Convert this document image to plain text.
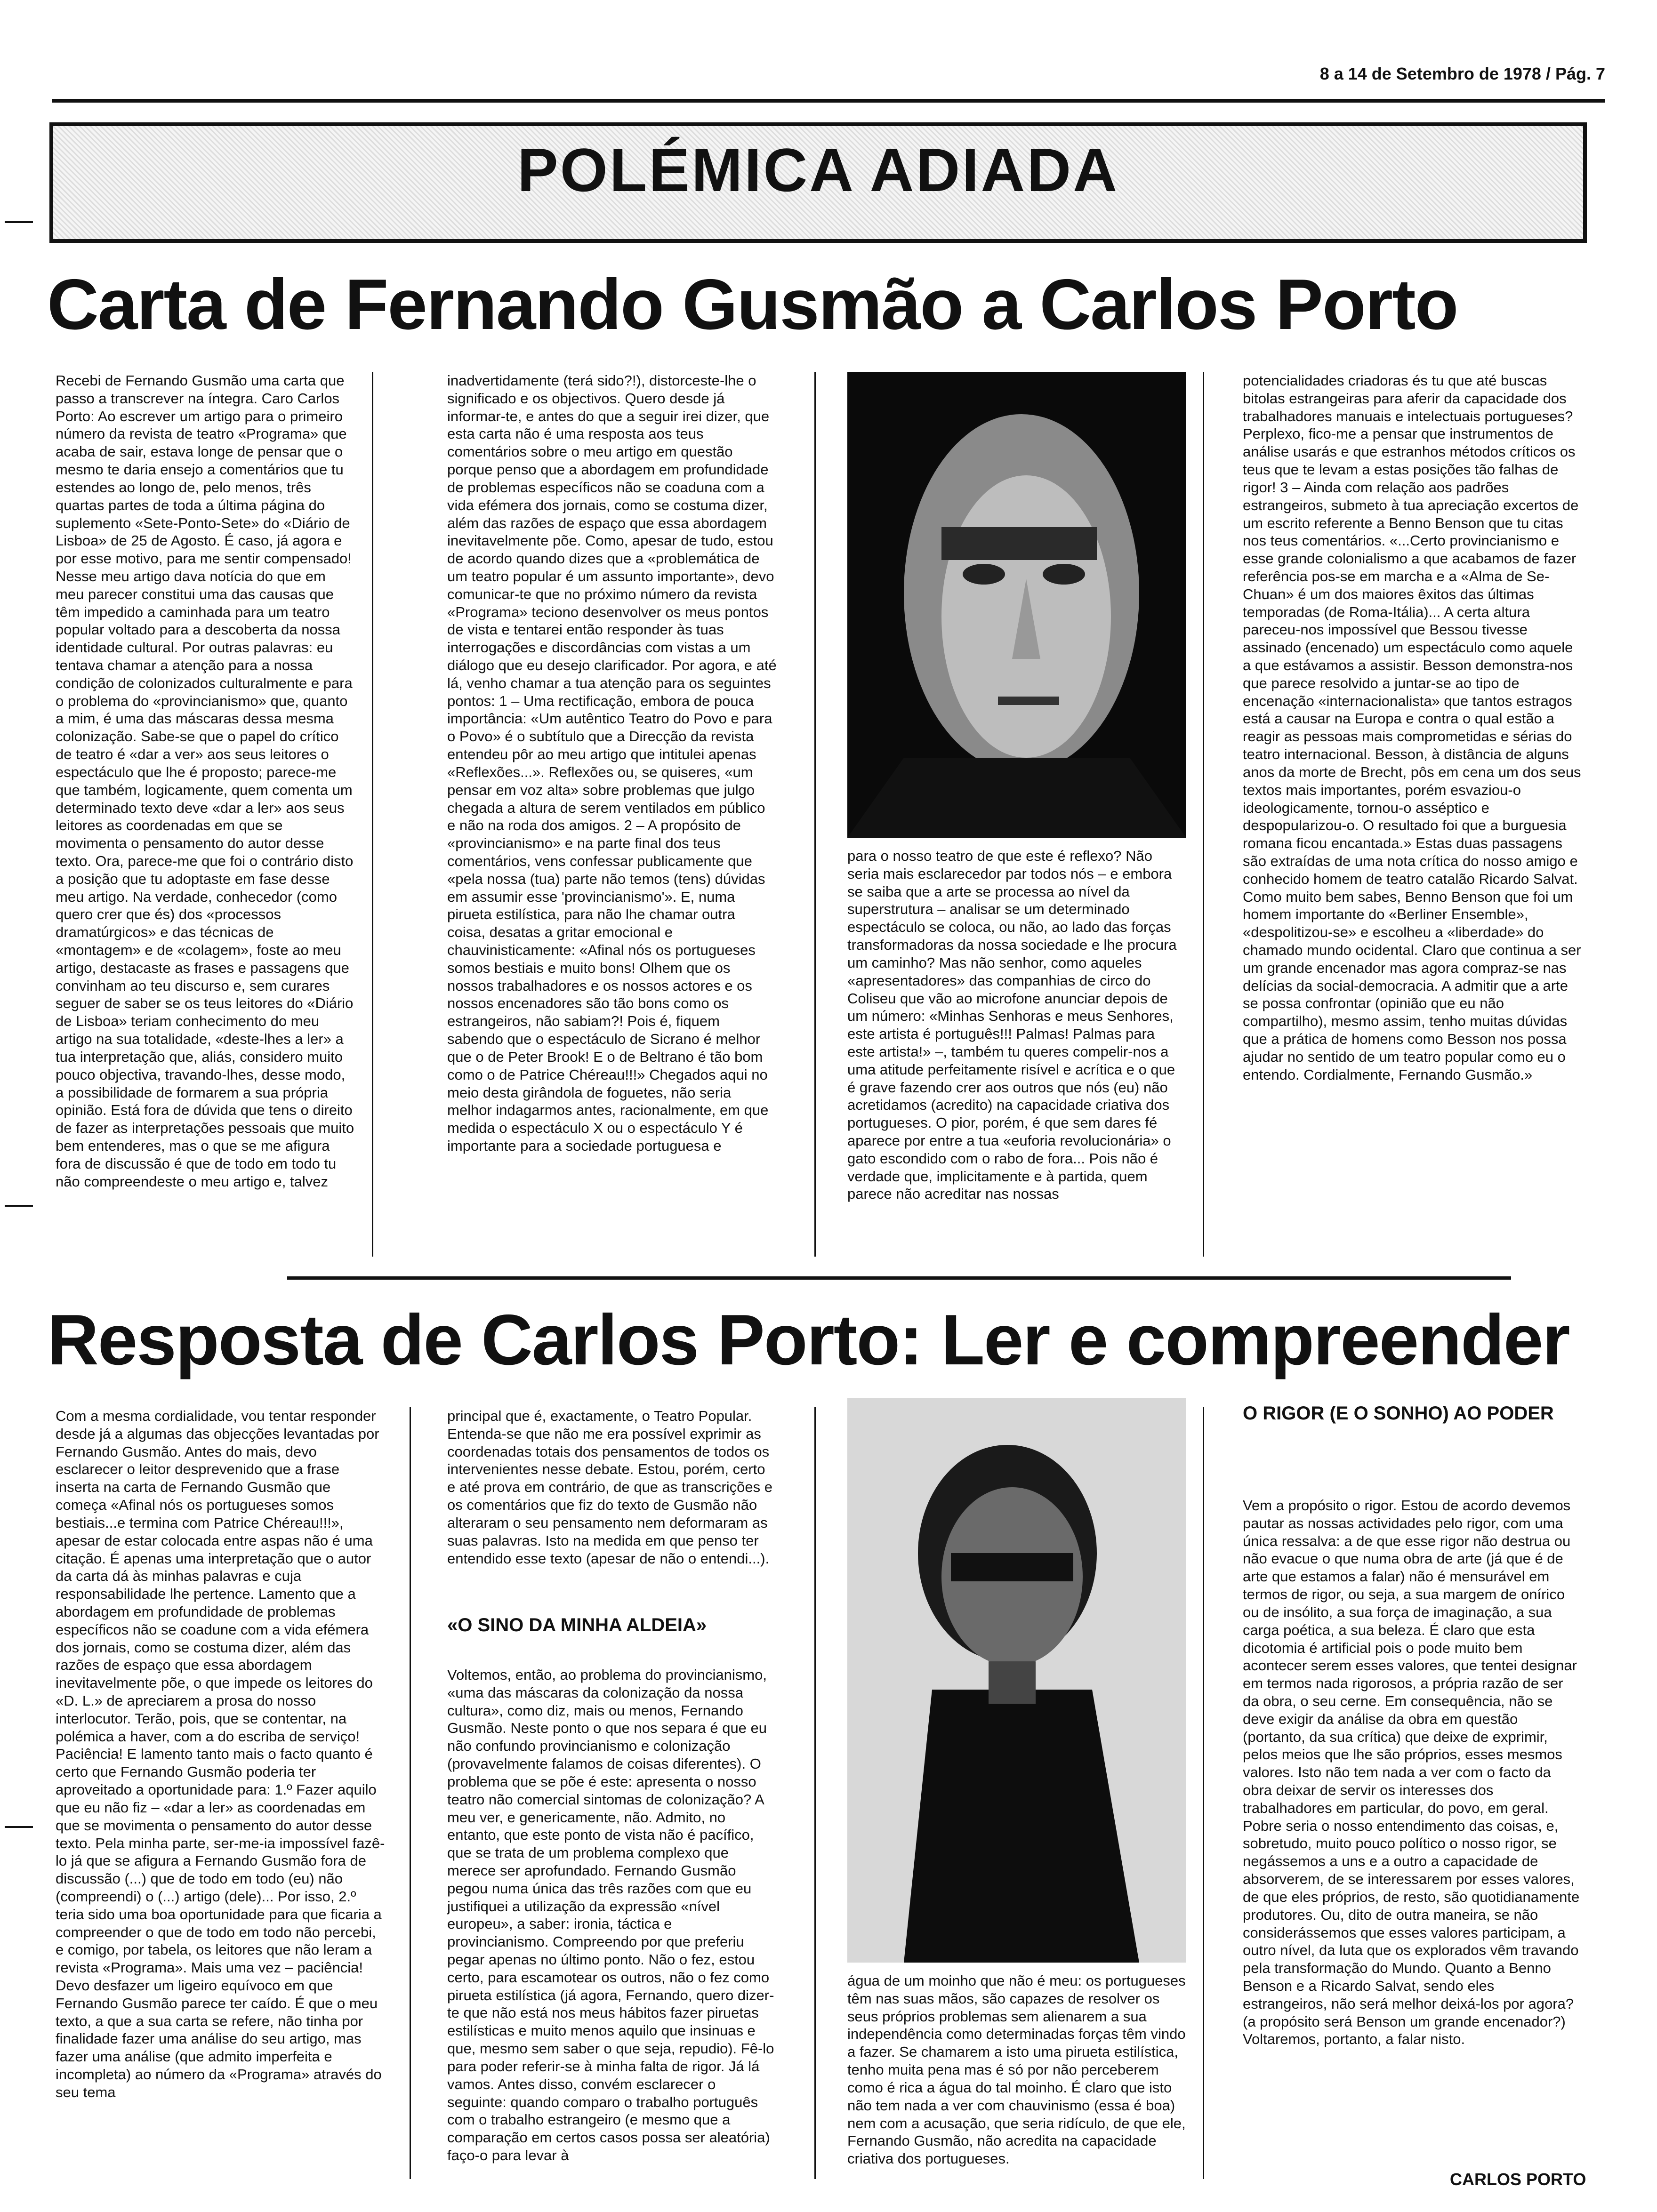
8 a 14 de Setembro de 1978 / Pág. 7
POLÉMICA ADIADA
Carta de Fernando Gusmão a Carlos Porto
Recebi de Fernando Gusmão uma carta que passo a transcrever na íntegra. Caro Carlos Porto: Ao escrever um artigo para o primeiro número da revista de teatro «Programa» que acaba de sair, estava longe de pensar que o mesmo te daria ensejo a comentários que tu estendes ao longo de, pelo menos, três quartas partes de toda a última página do suplemento «Sete-Ponto-Sete» do «Diário de Lisboa» de 25 de Agosto. É caso, já agora e por esse motivo, para me sentir compensado! Nesse meu artigo dava notícia do que em meu parecer constitui uma das causas que têm impedido a caminhada para um teatro popular voltado para a descoberta da nossa identidade cultural. Por outras palavras: eu tentava chamar a atenção para a nossa condição de colonizados culturalmente e para o problema do «provincianismo» que, quanto a mim, é uma das máscaras dessa mesma colonização. Sabe-se que o papel do crítico de teatro é «dar a ver» aos seus leitores o espectáculo que lhe é proposto; parece-me que também, logicamente, quem comenta um determinado texto deve «dar a ler» aos seus leitores as coordenadas em que se movimenta o pensamento do autor desse texto. Ora, parece-me que foi o contrário disto a posição que tu adoptaste em fase desse meu artigo. Na verdade, conhecedor (como quero crer que és) dos «processos dramatúrgicos» e das técnicas de «montagem» e de «colagem», foste ao meu artigo, destacaste as frases e passagens que convinham ao teu discurso e, sem curares seguer de saber se os teus leitores do «Diário de Lisboa» teriam conhecimento do meu artigo na sua totalidade, «deste-lhes a ler» a tua interpretação que, aliás, considero muito pouco objectiva, travando-lhes, desse modo, a possibilidade de formarem a sua própria opinião. Está fora de dúvida que tens o direito de fazer as interpretações pessoais que muito bem entenderes, mas o que se me afigura fora de discussão é que de todo em todo tu não compreendeste o meu artigo e, talvez
inadvertidamente (terá sido?!), distorceste-lhe o significado e os objectivos. Quero desde já informar-te, e antes do que a seguir irei dizer, que esta carta não é uma resposta aos teus comentários sobre o meu artigo em questão porque penso que a abordagem em profundidade de problemas específicos não se coaduna com a vida efémera dos jornais, como se costuma dizer, além das razões de espaço que essa abordagem inevitavelmente põe. Como, apesar de tudo, estou de acordo quando dizes que a «problemática de um teatro popular é um assunto importante», devo comunicar-te que no próximo número da revista «Programa» teciono desenvolver os meus pontos de vista e tentarei então responder às tuas interrogações e discordâncias com vistas a um diálogo que eu desejo clarificador. Por agora, e até lá, venho chamar a tua atenção para os seguintes pontos: 1 – Uma rectificação, embora de pouca importância: «Um autêntico Teatro do Povo e para o Povo» é o subtítulo que a Direcção da revista entendeu pôr ao meu artigo que intitulei apenas «Reflexões...». Reflexões ou, se quiseres, «um pensar em voz alta» sobre problemas que julgo chegada a altura de serem ventilados em público e não na roda dos amigos. 2 – A propósito de «provincianismo» e na parte final dos teus comentários, vens confessar publicamente que «pela nossa (tua) parte não temos (tens) dúvidas em assumir esse 'provincianismo'». E, numa pirueta estilística, para não lhe chamar outra coisa, desatas a gritar emocional e chauvinisticamente: «Afinal nós os portugueses somos bestiais e muito bons! Olhem que os nossos trabalhadores e os nossos actores e os nossos encenadores são tão bons como os estrangeiros, não sabiam?! Pois é, fiquem sabendo que o espectáculo de Sicrano é melhor que o de Peter Brook! E o de Beltrano é tão bom como o de Patrice Chéreau!!!» Chegados aqui no meio desta girândola de foguetes, não seria melhor indagarmos antes, racionalmente, em que medida o espectáculo X ou o espectáculo Y é importante para a sociedade portuguesa e
para o nosso teatro de que este é reflexo? Não seria mais esclarecedor par todos nós – e embora se saiba que a arte se processa ao nível da superstrutura – analisar se um determinado espectáculo se coloca, ou não, ao lado das forças transformadoras da nossa sociedade e lhe procura um caminho? Mas não senhor, como aqueles «apresentadores» das companhias de circo do Coliseu que vão ao microfone anunciar depois de um número: «Minhas Senhoras e meus Senhores, este artista é português!!! Palmas! Palmas para este artista!» –, também tu queres compelir-nos a uma atitude perfeitamente risível e acrítica e o que é grave fazendo crer aos outros que nós (eu) não acretidamos (acredito) na capacidade criativa dos portugueses. O pior, porém, é que sem dares fé aparece por entre a tua «euforia revolucionária» o gato escondido com o rabo de fora... Pois não é verdade que, implicitamente e à partida, quem parece não acreditar nas nossas
potencialidades criadoras és tu que até buscas bitolas estrangeiras para aferir da capacidade dos trabalhadores manuais e intelectuais portugueses? Perplexo, fico-me a pensar que instrumentos de análise usarás e que estranhos métodos críticos os teus que te levam a estas posições tão falhas de rigor! 3 – Ainda com relação aos padrões estrangeiros, submeto à tua apreciação excertos de um escrito referente a Benno Benson que tu citas nos teus comentários. «...Certo provincianismo e esse grande colonialismo a que acabamos de fazer referência pos-se em marcha e a «Alma de Se-Chuan» é um dos maiores êxitos das últimas temporadas (de Roma-Itália)... A certa altura pareceu-nos impossível que Bessou tivesse assinado (encenado) um espectáculo como aquele a que estávamos a assistir. Besson demonstra-nos que parece resolvido a juntar-se ao tipo de encenação «internacionalista» que tantos estragos está a causar na Europa e contra o qual estão a reagir as pessoas mais comprometidas e sérias do teatro internacional. Besson, à distância de alguns anos da morte de Brecht, pôs em cena um dos seus textos mais importantes, porém esvaziou-o ideologicamente, tornou-o asséptico e despopularizou-o. O resultado foi que a burguesia romana ficou encantada.» Estas duas passagens são extraídas de uma nota crítica do nosso amigo e conhecido homem de teatro catalão Ricardo Salvat. Como muito bem sabes, Benno Benson que foi um homem importante do «Berliner Ensemble», «despolitizou-se» e escolheu a «liberdade» do chamado mundo ocidental. Claro que continua a ser um grande encenador mas agora compraz-se nas delícias da social-democracia. A admitir que a arte se possa confrontar (opinião que eu não compartilho), mesmo assim, tenho muitas dúvidas que a prática de homens como Besson nos possa ajudar no sentido de um teatro popular como eu o entendo. Cordialmente, Fernando Gusmão.»
Resposta de Carlos Porto: Ler e compreender
Com a mesma cordialidade, vou tentar responder desde já a algumas das objecções levantadas por Fernando Gusmão. Antes do mais, devo esclarecer o leitor desprevenido que a frase inserta na carta de Fernando Gusmão que começa «Afinal nós os portugueses somos bestiais...e termina com Patrice Chéreau!!!», apesar de estar colocada entre aspas não é uma citação. É apenas uma interpretação que o autor da carta dá às minhas palavras e cuja responsabilidade lhe pertence. Lamento que a abordagem em profundidade de problemas específicos não se coadune com a vida efémera dos jornais, como se costuma dizer, além das razões de espaço que essa abordagem inevitavelmente põe, o que impede os leitores do «D. L.» de apreciarem a prosa do nosso interlocutor. Terão, pois, que se contentar, na polémica a haver, com a do escriba de serviço! Paciência! E lamento tanto mais o facto quanto é certo que Fernando Gusmão poderia ter aproveitado a oportunidade para: 1.º Fazer aquilo que eu não fiz – «dar a ler» as coordenadas em que se movimenta o pensamento do autor desse texto. Pela minha parte, ser-me-ia impossível fazê-lo já que se afigura a Fernando Gusmão fora de discussão (...) que de todo em todo (eu) não (compreendi) o (...) artigo (dele)... Por isso, 2.º teria sido uma boa oportunidade para que ficaria a compreender o que de todo em todo não percebi, e comigo, por tabela, os leitores que não leram a revista «Programa». Mais uma vez – paciência! Devo desfazer um ligeiro equívoco em que Fernando Gusmão parece ter caído. É que o meu texto, a que a sua carta se refere, não tinha por finalidade fazer uma análise do seu artigo, mas fazer uma análise (que admito imperfeita e incompleta) ao número da «Programa» através do seu tema
principal que é, exactamente, o Teatro Popular. Entenda-se que não me era possível exprimir as coordenadas totais dos pensamentos de todos os intervenientes nesse debate. Estou, porém, certo e até prova em contrário, de que as transcrições e os comentários que fiz do texto de Gusmão não alteraram o seu pensamento nem deformaram as suas palavras. Isto na medida em que penso ter entendido esse texto (apesar de não o entendi...).
«O SINO DA MINHA ALDEIA»
Voltemos, então, ao problema do provincianismo, «uma das máscaras da colonização da nossa cultura», como diz, mais ou menos, Fernando Gusmão. Neste ponto o que nos separa é que eu não confundo provincianismo e colonização (provavelmente falamos de coisas diferentes). O problema que se põe é este: apresenta o nosso teatro não comercial sintomas de colonização? A meu ver, e genericamente, não. Admito, no entanto, que este ponto de vista não é pacífico, que se trata de um problema complexo que merece ser aprofundado. Fernando Gusmão pegou numa única das três razões com que eu justifiquei a utilização da expressão «nível europeu», a saber: ironia, táctica e provincianismo. Compreendo por que preferiu pegar apenas no último ponto. Não o fez, estou certo, para escamotear os outros, não o fez como pirueta estilística (já agora, Fernando, quero dizer-te que não está nos meus hábitos fazer piruetas estilísticas e muito menos aquilo que insinuas e que, mesmo sem saber o que seja, repudio). Fê-lo para poder referir-se à minha falta de rigor. Já lá vamos. Antes disso, convém esclarecer o seguinte: quando comparo o trabalho português com o trabalho estrangeiro (e mesmo que a comparação em certos casos possa ser aleatória) faço-o para levar à
água de um moinho que não é meu: os portugueses têm nas suas mãos, são capazes de resolver os seus próprios problemas sem alienarem a sua independência como determinadas forças têm vindo a fazer. Se chamarem a isto uma pirueta estilística, tenho muita pena mas é só por não perceberem como é rica a água do tal moinho. É claro que isto não tem nada a ver com chauvinismo (essa é boa) nem com a acusação, que seria ridículo, de que ele, Fernando Gusmão, não acredita na capacidade criativa dos portugueses.
O RIGOR (E O SONHO) AO PODER
Vem a propósito o rigor. Estou de acordo devemos pautar as nossas actividades pelo rigor, com uma única ressalva: a de que esse rigor não destrua ou não evacue o que numa obra de arte (já que é de arte que estamos a falar) não é mensurável em termos de rigor, ou seja, a sua margem de onírico ou de insólito, a sua força de imaginação, a sua carga poética, a sua beleza. É claro que esta dicotomia é artificial pois o pode muito bem acontecer serem esses valores, que tentei designar em termos nada rigorosos, a própria razão de ser da obra, o seu cerne. Em consequência, não se deve exigir da análise da obra em questão (portanto, da sua crítica) que deixe de exprimir, pelos meios que lhe são próprios, esses mesmos valores. Isto não tem nada a ver com o facto da obra deixar de servir os interesses dos trabalhadores em particular, do povo, em geral. Pobre seria o nosso entendimento das coisas, e, sobretudo, muito pouco político o nosso rigor, se negássemos a uns e a outro a capacidade de absorverem, de se interessarem por esses valores, de que eles próprios, de resto, são quotidianamente produtores. Ou, dito de outra maneira, se não considerássemos que esses valores participam, a outro nível, da luta que os explorados vêm travando pela transformação do Mundo. Quanto a Benno Benson e a Ricardo Salvat, sendo eles estrangeiros, não será melhor deixá-los por agora? (a propósito será Benson um grande encenador?) Voltaremos, portanto, a falar nisto.
CARLOS PORTO
